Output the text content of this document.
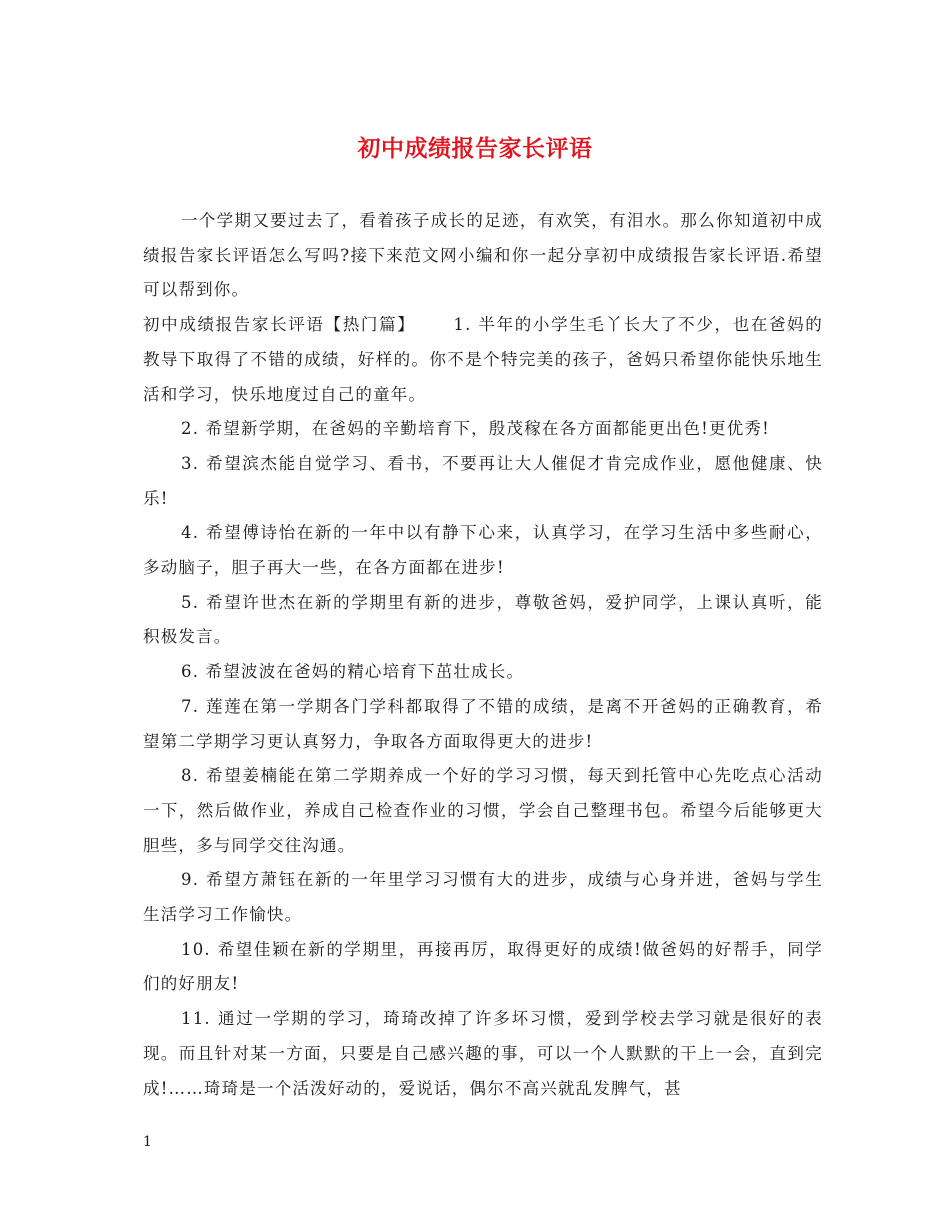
初中成绩报告家长评语

一个学期又要过去了，看着孩子成长的足迹，有欢笑，有泪水。那么你知道初中成绩报告家长评语怎么写吗?接下来范文网小编和你一起分享初中成绩报告家长评语.希望可以帮到你。

初中成绩报告家长评语【热门篇】 1. 半年的小学生毛丫长大了不少，也在爸妈的教导下取得了不错的成绩，好样的。你不是个特完美的孩子，爸妈只希望你能快乐地生活和学习，快乐地度过自己的童年。

2. 希望新学期，在爸妈的辛勤培育下，殷茂稼在各方面都能更出色!更优秀!

3. 希望滨杰能自觉学习、看书，不要再让大人催促才肯完成作业，愿他健康、快乐!

4. 希望傅诗怡在新的一年中以有静下心来，认真学习，在学习生活中多些耐心，多动脑子，胆子再大一些，在各方面都在进步!

5. 希望许世杰在新的学期里有新的进步，尊敬爸妈，爱护同学，上课认真听，能积极发言。

6. 希望波波在爸妈的精心培育下茁壮成长。

7. 莲莲在第一学期各门学科都取得了不错的成绩，是离不开爸妈的正确教育，希望第二学期学习更认真努力，争取各方面取得更大的进步!

8. 希望姜楠能在第二学期养成一个好的学习习惯，每天到托管中心先吃点心活动一下，然后做作业，养成自己检查作业的习惯，学会自己整理书包。希望今后能够更大胆些，多与同学交往沟通。

9. 希望方萧钰在新的一年里学习习惯有大的进步，成绩与心身并进，爸妈与学生生活学习工作愉快。

10. 希望佳颖在新的学期里，再接再厉，取得更好的成绩!做爸妈的好帮手，同学们的好朋友!

11. 通过一学期的学习，琦琦改掉了许多坏习惯，爱到学校去学习就是很好的表现。而且针对某一方面，只要是自己感兴趣的事，可以一个人默默的干上一会，直到完成!……琦琦是一个活泼好动的，爱说话，偶尔不高兴就乱发脾气，甚

1
